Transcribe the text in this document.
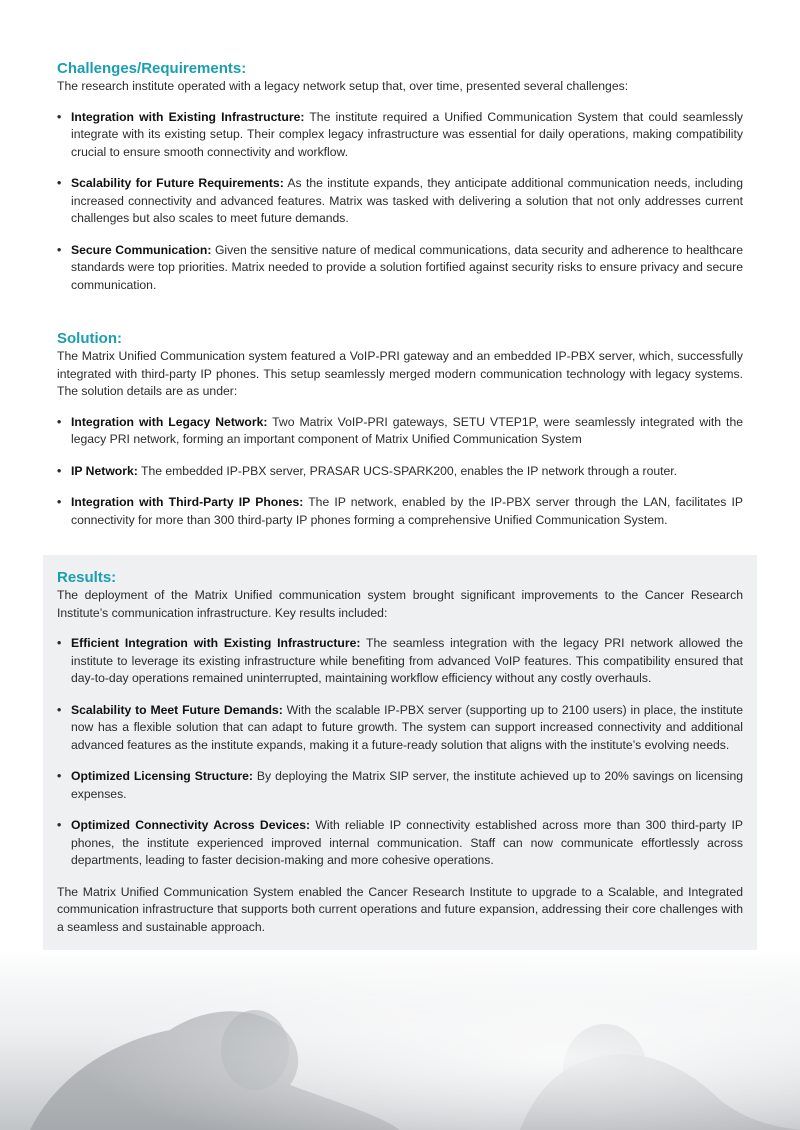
Challenges/Requirements:

The research institute operated with a legacy network setup that, over time, presented several challenges:

• Integration with Existing Infrastructure: The institute required a Unified Communication System that could seamlessly integrate with its existing setup. Their complex legacy infrastructure was essential for daily operations, making compatibility crucial to ensure smooth connectivity and workflow.
• Scalability for Future Requirements: As the institute expands, they anticipate additional communication needs, including increased connectivity and advanced features. Matrix was tasked with delivering a solution that not only addresses current challenges but also scales to meet future demands.
• Secure Communication: Given the sensitive nature of medical communications, data security and adherence to healthcare standards were top priorities. Matrix needed to provide a solution fortified against security risks to ensure privacy and secure communication.
Solution:

The Matrix Unified Communication system featured a VoIP-PRI gateway and an embedded IP-PBX server, which, successfully integrated with third-party IP phones. This setup seamlessly merged modern communication technology with legacy systems. The solution details are as under:

• Integration with Legacy Network: Two Matrix VoIP-PRI gateways, SETU VTEP1P, were seamlessly integrated with the legacy PRI network, forming an important component of Matrix Unified Communication System
• IP Network: The embedded IP-PBX server, PRASAR UCS-SPARK200, enables the IP network through a router.
• Integration with Third-Party IP Phones: The IP network, enabled by the IP-PBX server through the LAN, facilitates IP connectivity for more than 300 third-party IP phones forming a comprehensive Unified Communication System.
Results:

The deployment of the Matrix Unified communication system brought significant improvements to the Cancer Research Institute’s communication infrastructure. Key results included:

• Efficient Integration with Existing Infrastructure: The seamless integration with the legacy PRI network allowed the institute to leverage its existing infrastructure while benefiting from advanced VoIP features. This compatibility ensured that day-to-day operations remained uninterrupted, maintaining workflow efficiency without any costly overhauls.
• Scalability to Meet Future Demands: With the scalable IP-PBX server (supporting up to 2100 users) in place, the institute now has a flexible solution that can adapt to future growth. The system can support increased connectivity and additional advanced features as the institute expands, making it a future-ready solution that aligns with the institute’s evolving needs.
• Optimized Licensing Structure: By deploying the Matrix SIP server, the institute achieved up to 20% savings on licensing expenses.
• Optimized Connectivity Across Devices: With reliable IP connectivity established across more than 300 third-party IP phones, the institute experienced improved internal communication. Staff can now communicate effortlessly across departments, leading to faster decision-making and more cohesive operations.

The Matrix Unified Communication System enabled the Cancer Research Institute to upgrade to a Scalable, and Integrated communication infrastructure that supports both current operations and future expansion, addressing their core challenges with a seamless and sustainable approach.
